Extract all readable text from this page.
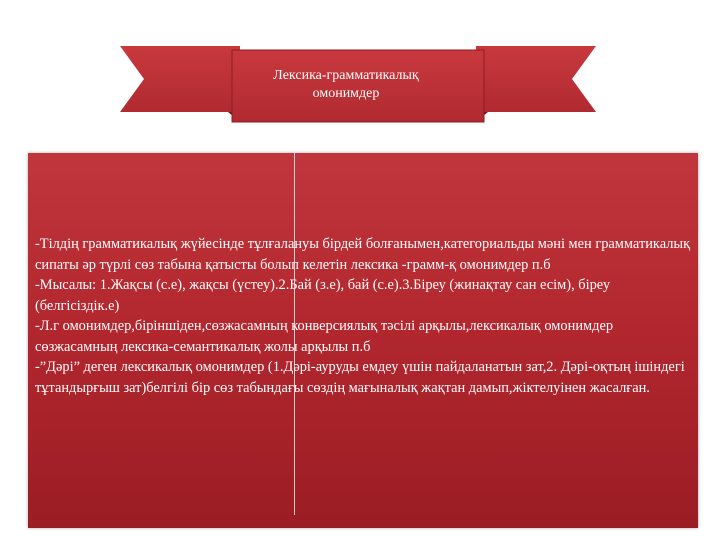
Лексика-грамматикалық
омонимдер

-Тілдің грамматикалық жүйесінде тұлғалануы бірдей болғанымен,категориальды мәні мен грамматикалық сипаты әр түрлі сөз табына қатысты болып келетін лексика -грамм-қ омонимдер п.б

-Мысалы: 1.Жақсы (с.е), жақсы (үстеу).2.Бай (з.е), бай (с.е).3.Біреу (жинақтау сан есім), біреу (белгісіздік.е)

-Л.г омонимдер,біріншіден,сөзжасамның конверсиялық тәсілі арқылы,лексикалық омонимдер сөзжасамның лексика-семантикалық жолы арқылы п.б

-”Дәрі” деген лексикалық омонимдер (1.Дәрі-ауруды емдеу үшін пайдаланатын зат,2. Дәрі-оқтың ішіндегі тұтандырғыш зат)белгілі бір сөз табындағы сөздің мағыналық жақтан дамып,жіктелуінен жасалған.
